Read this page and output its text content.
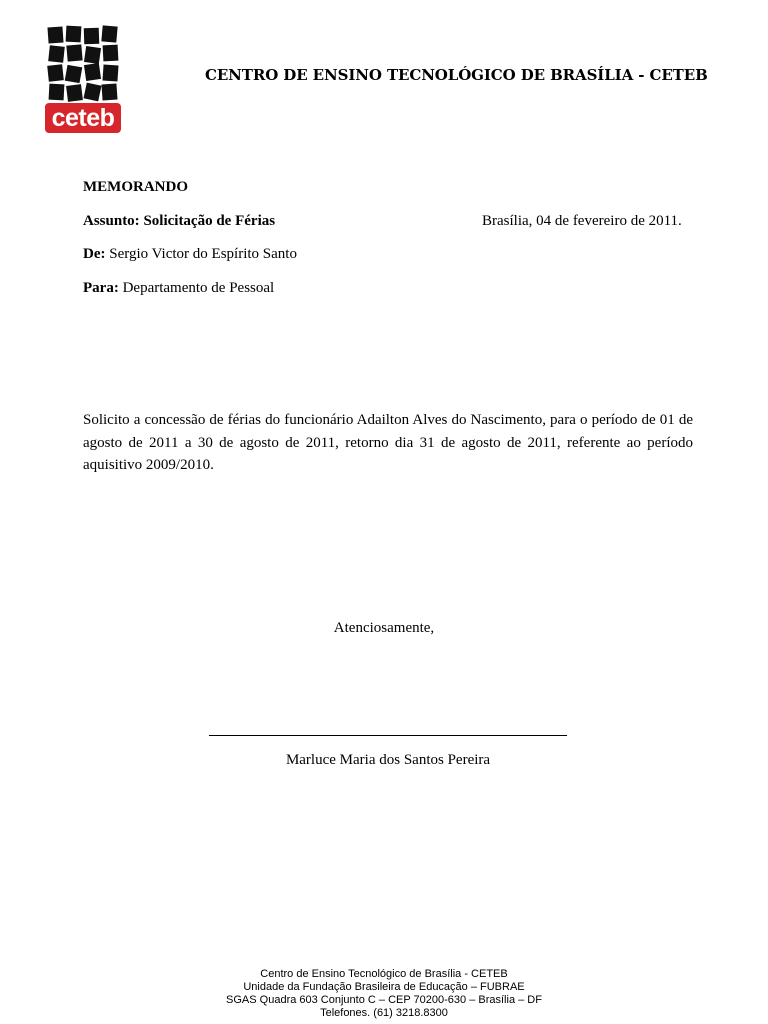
ceteb
CENTRO DE ENSINO TECNOLÓGICO DE BRASÍLIA - CETEB
MEMORANDO
Assunto: Solicitação de Férias	Brasília, 04 de fevereiro de 2011.
De: Sergio Victor do Espírito Santo
Para: Departamento de Pessoal
Solicito a concessão de férias do funcionário Adailton Alves do Nascimento, para o período de 01 de agosto de 2011 a 30 de agosto de 2011, retorno dia 31 de agosto de 2011, referente ao período aquisitivo 2009/2010.
Atenciosamente,
Marluce Maria dos Santos Pereira
Centro de Ensino Tecnológico de Brasília - CETEB
Unidade da Fundação Brasileira de Educação – FUBRAE
SGAS Quadra 603 Conjunto C – CEP 70200-630 – Brasília – DF
Telefones. (61) 3218.8300
